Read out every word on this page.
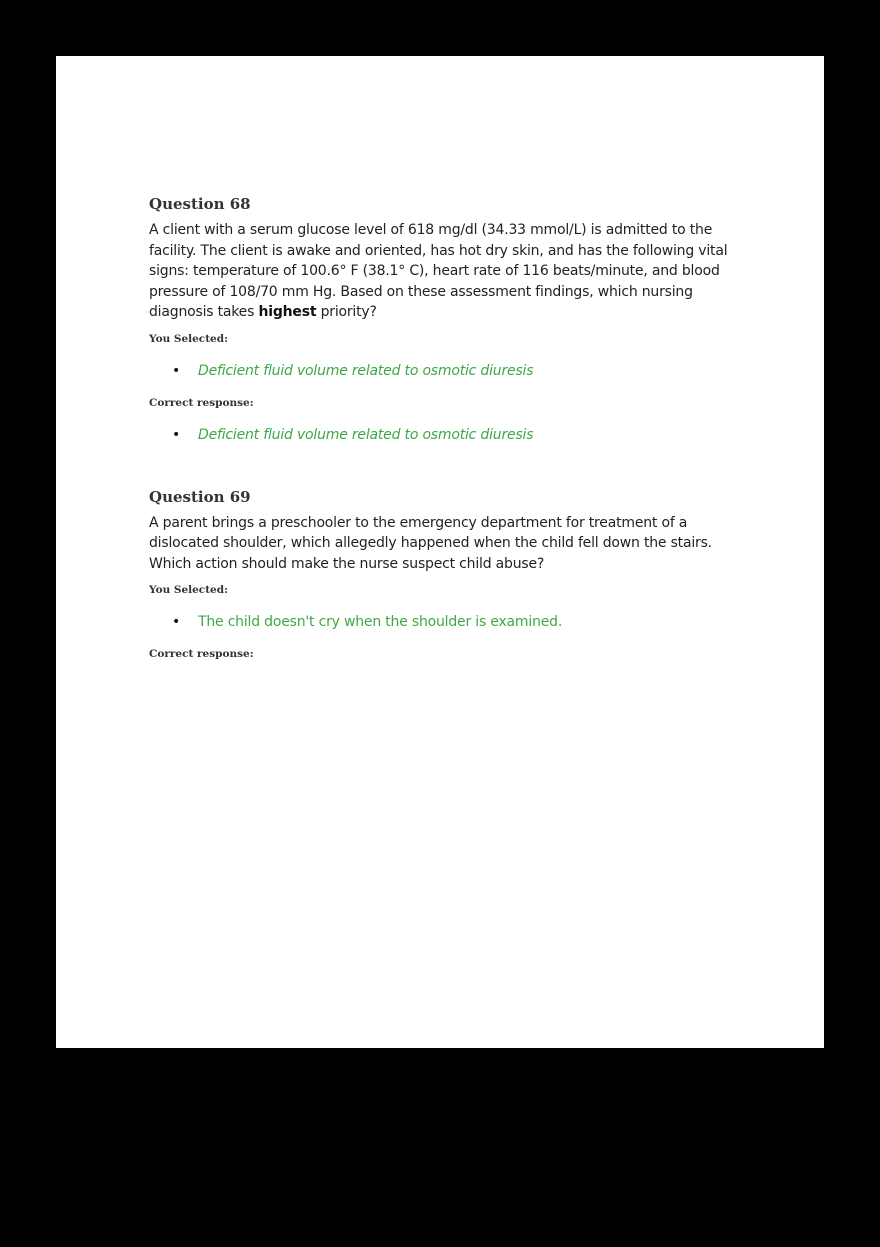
Question 68

A client with a serum glucose level of 618 mg/dl (34.33 mmol/L) is admitted to the facility. The client is awake and oriented, has hot dry skin, and has the following vital signs: temperature of 100.6° F (38.1° C), heart rate of 116 beats/minute, and blood pressure of 108/70 mm Hg. Based on these assessment findings, which nursing diagnosis takes highest priority?

You Selected:
• Deficient fluid volume related to osmotic diuresis
Correct response:
• Deficient fluid volume related to osmotic diuresis
Question 69

A parent brings a preschooler to the emergency department for treatment of a dislocated shoulder, which allegedly happened when the child fell down the stairs. Which action should make the nurse suspect child abuse?

You Selected:
• The child doesn't cry when the shoulder is examined.
Correct response:
